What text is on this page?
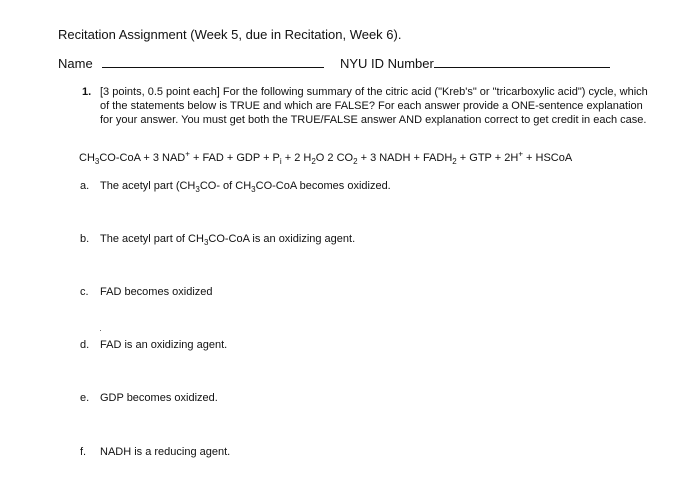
Recitation Assignment (Week 5, due in Recitation, Week 6).
Name	NYU ID Number
1. [3 points, 0.5 point each] For the following summary of the citric acid ("Kreb's" or "tricarboxylic acid") cycle, which of the statements below is TRUE and which are FALSE? For each answer provide a ONE-sentence explanation for your answer. You must get both the TRUE/FALSE answer AND explanation correct to get credit in each case.
$CH_3CO$-CoA + 3 NAD+ + FAD + GDP + $P_i + 2$ $H_2O$ 2 $CO_2 + 3$ NADH + $FADH_2$ + GTP + 2H+ + HSCoA
a. The acetyl part ($CH_3CO-$ of $CH_3CO$-CoA becomes oxidized.
b. The acetyl part of $CH_3CO$-CoA is an oxidizing agent.
c. FAD becomes oxidized
·
d. FAD is an oxidizing agent.
e. GDP becomes oxidized.
f. NADH is a reducing agent.
